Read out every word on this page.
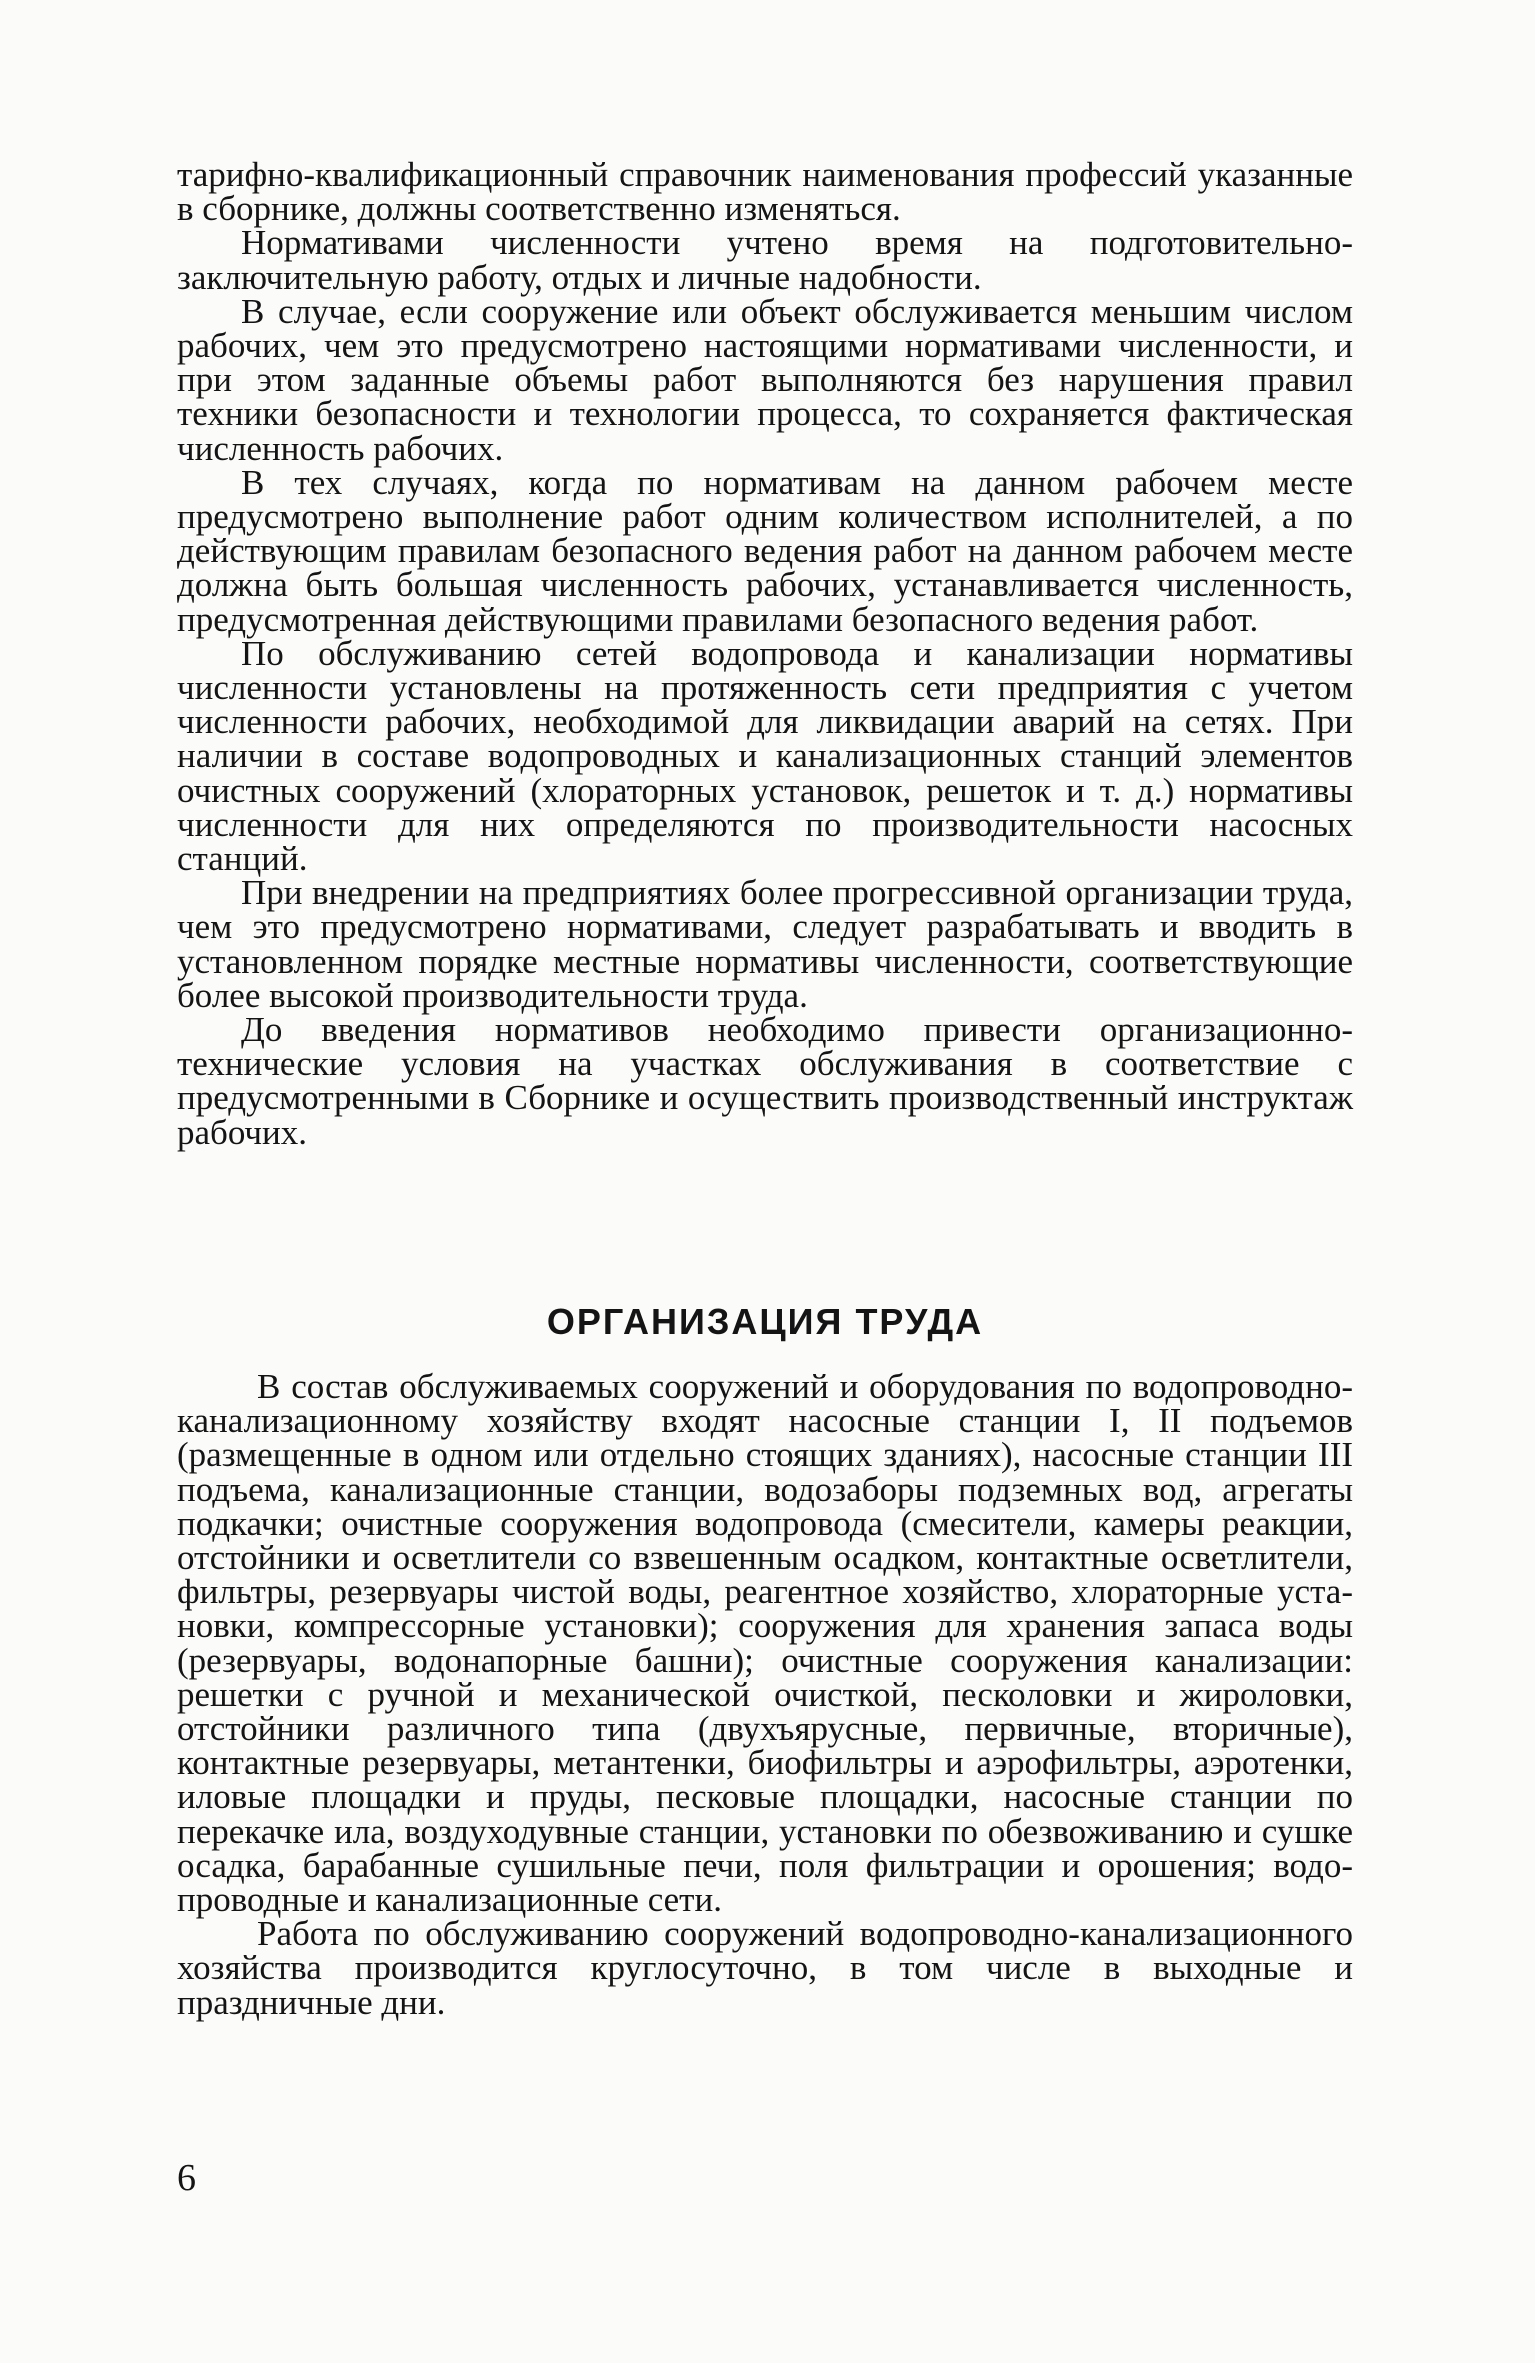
тарифно-квалификационный справочник наименования профессий указанные в сборнике, должны соответственно изменяться.

Нормативами численности учтено время на подготовительно-заключительную работу, отдых и личные надобности.

В случае, если сооружение или объект обслуживается меньшим числом рабочих, чем это предусмотрено настоящими нормативами численности, и при этом заданные объемы работ выполняются без нарушения правил техники безопасности и технологии процесса, то сохраняется фактическая численность рабочих.

В тех случаях, когда по нормативам на данном рабочем месте предусмотрено выполнение работ одним количеством исполнителей, а по действующим правилам безопасного ведения работ на данном рабочем месте должна быть большая численность рабочих, устанавливается численность, предусмотренная действующими правилами безопасного ведения работ.

По обслуживанию сетей водопровода и канализации нормативы численности установлены на протяженность сети предприятия с учетом численности рабочих, необходимой для ликвидации аварий на сетях. При наличии в составе водопроводных и канализационных станций элементов очистных сооружений (хлораторных установок, решеток и т. д.) нормативы численности для них определяются по производительности насосных станций.

При внедрении на предприятиях более прогрессивной организации труда, чем это предусмотрено нормативами, следует разрабатывать и вводить в установленном порядке местные нормативы численности, соответствующие более высокой производительности труда.

До введения нормативов необходимо привести организационно-технические условия на участках обслуживания в соответствие с предусмотренными в Сборнике и осуществить производственный инструктаж рабочих.

ОРГАНИЗАЦИЯ ТРУДА

В состав обслуживаемых сооружений и оборудования по водопроводно-канализационному хозяйству входят насосные станции I, II подъемов (размещенные в одном или отдельно стоящих зданиях), насосные станции III подъема, канализационные станции, водозаборы подземных вод, агрегаты подкачки; очистные сооружения водопровода (смесители, камеры реакции, отстойники и осветлители со взвешенным осадком, контактные осветлители, фильтры, резервуары чистой воды, реагентное хозяйство, хлораторные установки, компрессорные установки); сооружения для хранения запаса воды (резервуары, водонапорные башни); очистные сооружения канализации: решетки с ручной и механической очисткой, песколовки и жироловки, отстойники различного типа (двухъярусные, первичные, вторичные), контактные резервуары, метантенки, биофильтры и аэрофильтры, аэротенки, иловые площадки и пруды, песковые площадки, насосные станции по перекачке ила, воздуходувные станции, установки по обезвоживанию и сушке осадка, барабанные сушильные печи, поля фильтрации и орошения; водопроводные и канализационные сети.

Работа по обслуживанию сооружений водопроводно-канализационного хозяйства производится круглосуточно, в том числе в выходные и праздничные дни.

6
